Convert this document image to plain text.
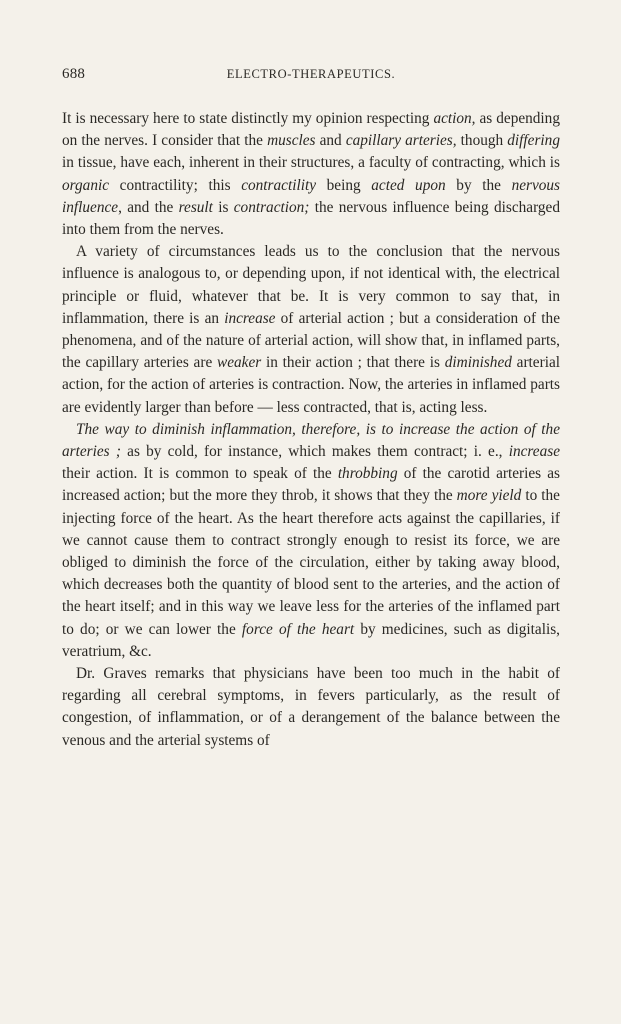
688	ELECTRO-THERAPEUTICS.

It is necessary here to state distinctly my opinion respecting action, as depending on the nerves. I consider that the muscles and capillary arteries, though differing in tissue, have each, inherent in their structures, a faculty of contracting, which is organic contractility; this contractility being acted upon by the nervous influence, and the result is contraction; the nervous influence being discharged into them from the nerves.

A variety of circumstances leads us to the conclusion that the nervous influence is analogous to, or depending upon, if not identical with, the electrical principle or fluid, whatever that be. It is very common to say that, in inflammation, there is an increase of arterial action ; but a consideration of the phenomena, and of the nature of arterial action, will show that, in inflamed parts, the capillary arteries are weaker in their action ; that there is diminished arterial action, for the action of arteries is contraction. Now, the arteries in inflamed parts are evidently larger than before — less contracted, that is, acting less.

The way to diminish inflammation, therefore, is to increase the action of the arteries ; as by cold, for instance, which makes them contract; i. e., increase their action. It is common to speak of the throbbing of the carotid arteries as increased action; but the more they throb, it shows that they the more yield to the injecting force of the heart. As the heart therefore acts against the capillaries, if we cannot cause them to contract strongly enough to resist its force, we are obliged to diminish the force of the circulation, either by taking away blood, which decreases both the quantity of blood sent to the arteries, and the action of the heart itself; and in this way we leave less for the arteries of the inflamed part to do; or we can lower the force of the heart by medicines, such as digitalis, veratrium, &c.

Dr. Graves remarks that physicians have been too much in the habit of regarding all cerebral symptoms, in fevers particularly, as the result of congestion, of inflammation, or of a derangement of the balance between the venous and the arterial systems of
